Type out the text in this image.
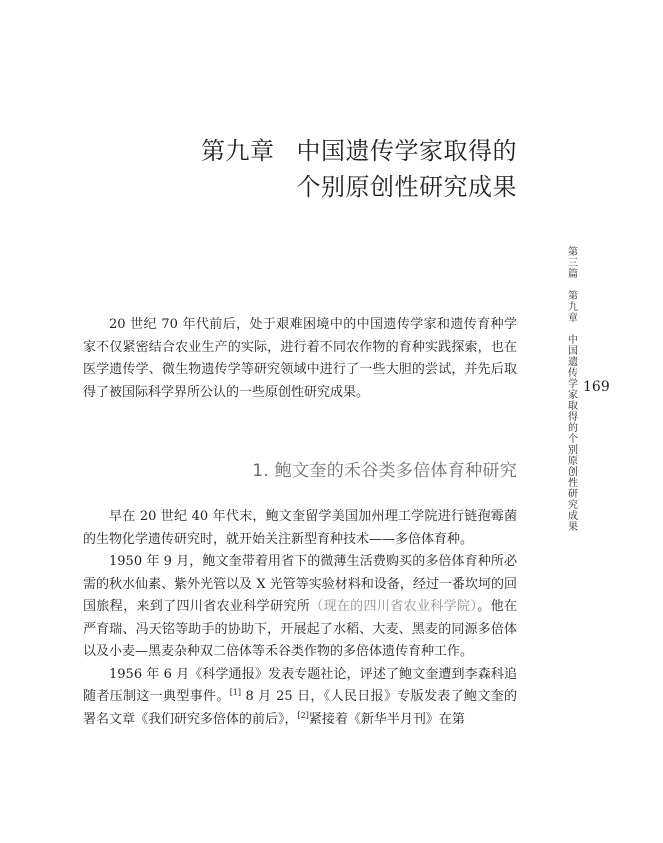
第九章 中国遗传学家取得的
个别原创性研究成果
第
三
篇
第
九
章
中
国
遗
传
学
家
取
得
的
个
别
原
创
性
研
究
成
果
169

20 世纪 70 年代前后，处于艰难困境中的中国遗传学家和遗传育种学家不仅紧密结合农业生产的实际，进行着不同农作物的育种实践探索，也在医学遗传学、微生物遗传学等研究领域中进行了一些大胆的尝试，并先后取得了被国际科学界所公认的一些原创性研究成果。

1. 鲍文奎的禾谷类多倍体育种研究

早在 20 世纪 40 年代末，鲍文奎留学美国加州理工学院进行链孢霉菌的生物化学遗传研究时，就开始关注新型育种技术——多倍体育种。

1950 年 9 月，鲍文奎带着用省下的微薄生活费购买的多倍体育种所必需的秋水仙素、紫外光管以及 X 光管等实验材料和设备，经过一番坎坷的回国旅程，来到了四川省农业科学研究所（现在的四川省农业科学院）。他在严育瑞、冯天铭等助手的协助下，开展起了水稻、大麦、黑麦的同源多倍体以及小麦—黑麦杂种双二倍体等禾谷类作物的多倍体遗传育种工作。

1956 年 6 月《科学通报》发表专题社论，评述了鲍文奎遭到李森科追随者压制这一典型事件。[1] 8 月 25 日，《人民日报》专版发表了鲍文奎的署名文章《我们研究多倍体的前后》，[2]紧接着《新华半月刊》在第
